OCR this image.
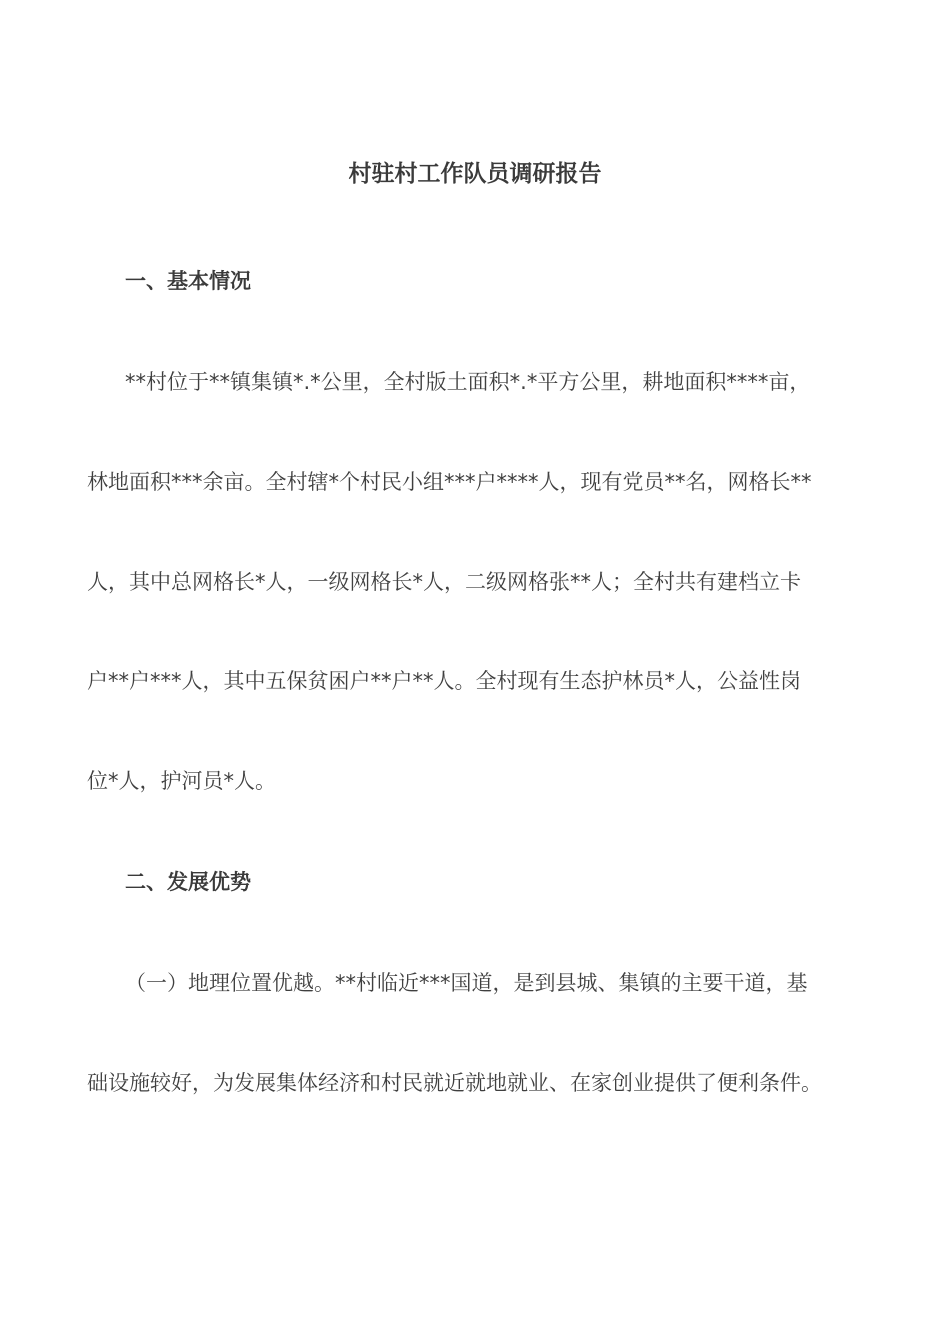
村驻村工作队员调研报告
一、基本情况
**村位于**镇集镇*.*公里，全村版土面积*.*平方公里，耕地面积****亩，
林地面积***余亩。全村辖*个村民小组***户****人，现有党员**名，网格长**
人，其中总网格长*人，一级网格长*人，二级网格张**人；全村共有建档立卡
户**户***人，其中五保贫困户**户**人。全村现有生态护林员*人，公益性岗
位*人，护河员*人。
二、发展优势
（一）地理位置优越。**村临近***国道，是到县城、集镇的主要干道，基
础设施较好，为发展集体经济和村民就近就地就业、在家创业提供了便利条件。
